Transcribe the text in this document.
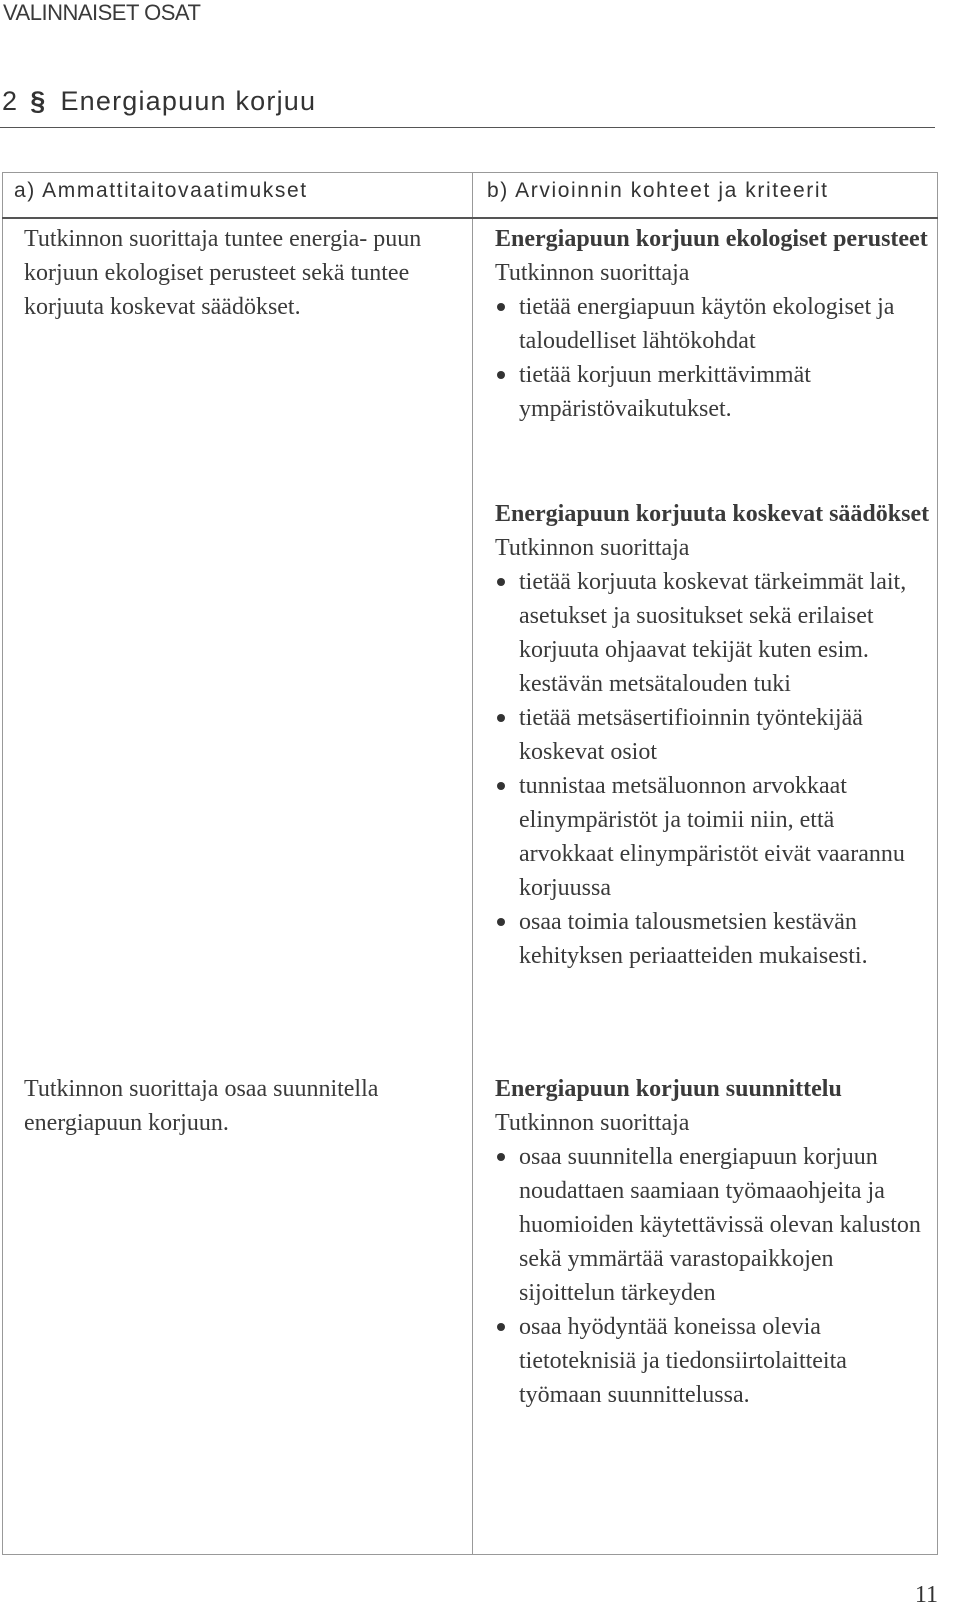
VALINNAISET OSAT
2 § Energiapuun korjuu
a) Ammattitaitovaatimukset	b) Arvioinnin kohteet ja kriteerit
Tutkinnon suorittaja tuntee energia- puun korjuun ekologiset perusteet sekä tuntee korjuuta koskevat säädökset.
Tutkinnon suorittaja osaa suunnitella energiapuun korjuun.
Energiapuun korjuun ekologiset perusteet
Tutkinnon suorittaja
tietää energiapuun käytön ekologiset ja taloudelliset lähtökohdat
tietää korjuun merkittävimmät ympäristövaikutukset.
Energiapuun korjuuta koskevat säädökset
Tutkinnon suorittaja
tietää korjuuta koskevat tärkeimmät lait, asetukset ja suositukset sekä erilaiset korjuuta ohjaavat tekijät kuten esim. kestävän metsätalouden tuki
tietää metsäsertifioinnin työntekijää koskevat osiot
tunnistaa metsäluonnon arvokkaat elinympäristöt ja toimii niin, että arvokkaat elinympäristöt eivät vaarannu korjuussa
osaa toimia talousmetsien kestävän kehityksen periaatteiden mukaisesti.
Energiapuun korjuun suunnittelu
Tutkinnon suorittaja
osaa suunnitella energiapuun korjuun noudattaen saamiaan työmaaohjeita ja huomioiden käytettävissä olevan kaluston sekä ymmärtää varastopaikkojen sijoittelun tärkeyden
osaa hyödyntää koneissa olevia tietoteknisiä ja tiedonsiirtolaitteita työmaan suunnittelussa.
11
